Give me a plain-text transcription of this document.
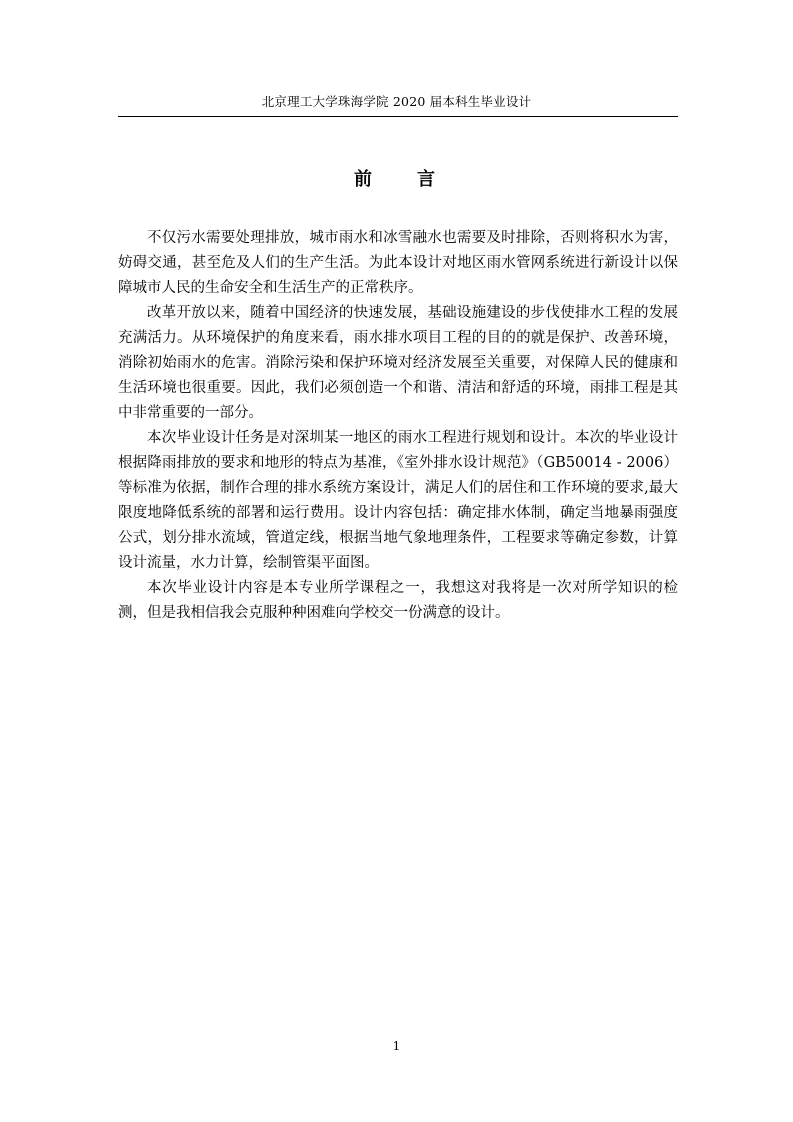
北京理工大学珠海学院 2020 届本科生毕业设计
前    言

不仅污水需要处理排放，城市雨水和冰雪融水也需要及时排除，否则将积水为害，妨碍交通，甚至危及人们的生产生活。为此本设计对地区雨水管网系统进行新设计以保障城市人民的生命安全和生活生产的正常秩序。

改革开放以来，随着中国经济的快速发展，基础设施建设的步伐使排水工程的发展充满活力。从环境保护的角度来看，雨水排水项目工程的目的的就是保护、改善环境，消除初始雨水的危害。消除污染和保护环境对经济发展至关重要，对保障人民的健康和生活环境也很重要。因此，我们必须创造一个和谐、清洁和舒适的环境，雨排工程是其中非常重要的一部分。

本次毕业设计任务是对深圳某一地区的雨水工程进行规划和设计。本次的毕业设计根据降雨排放的要求和地形的特点为基准，《室外排水设计规范》（GB50014 - 2006）等标准为依据，制作合理的排水系统方案设计，满足人们的居住和工作环境的要求,最大限度地降低系统的部署和运行费用。设计内容包括：确定排水体制，确定当地暴雨强度公式，划分排水流域，管道定线，根据当地气象地理条件，工程要求等确定参数，计算设计流量，水力计算，绘制管渠平面图。

本次毕业设计内容是本专业所学课程之一，我想这对我将是一次对所学知识的检测，但是我相信我会克服种种困难向学校交一份满意的设计。

1
